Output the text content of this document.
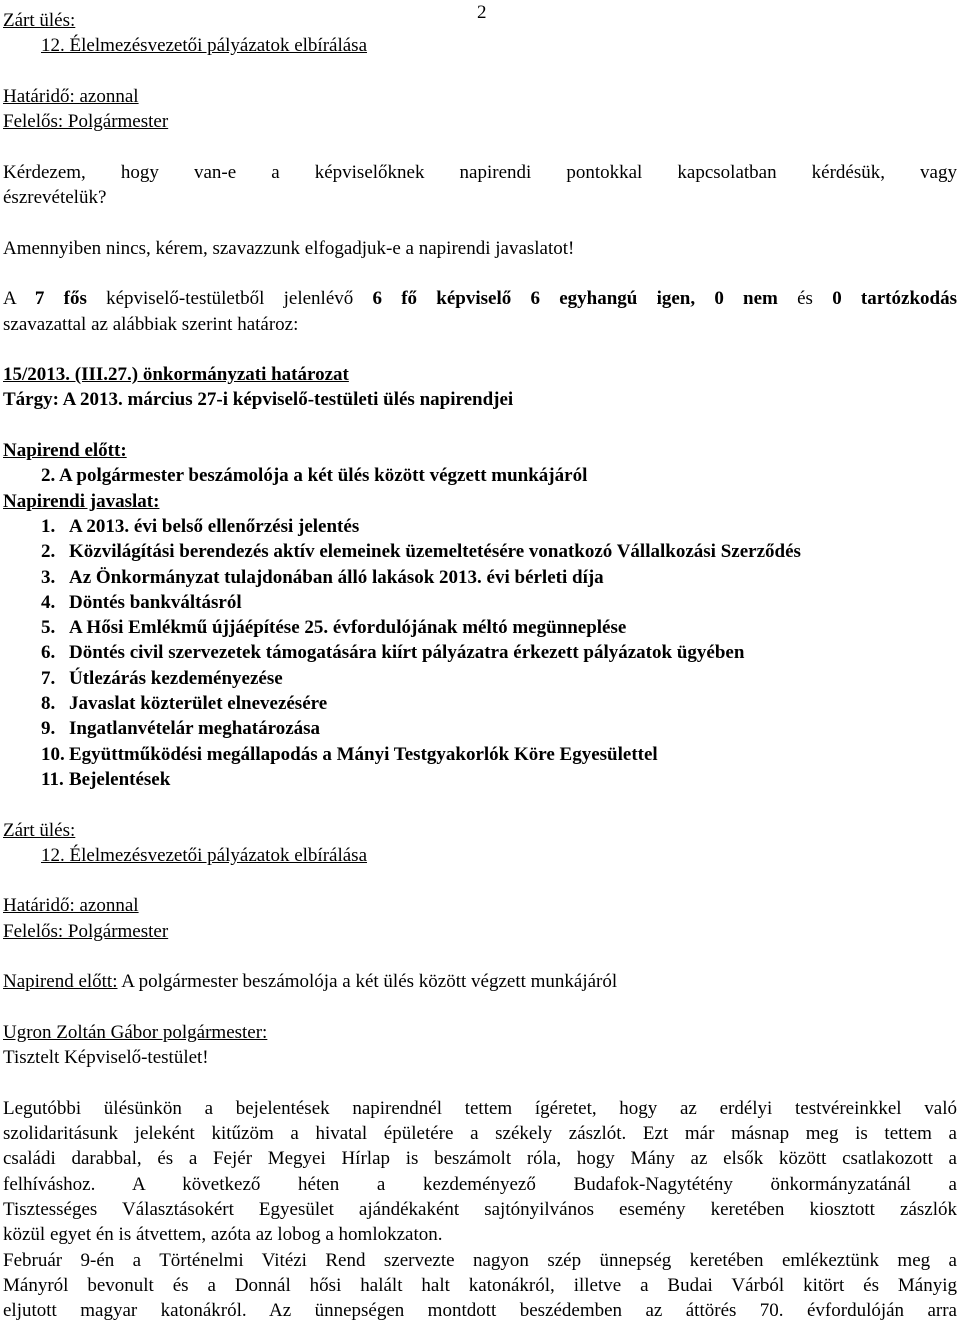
2

Zárt ülés:

12. Élelmezésvezetői pályázatok elbírálása

Határidő: azonnal

Felelős: Polgármester

Kérdezem, hogy van-e a képviselőknek napirendi pontokkal kapcsolatban kérdésük, vagy

észrevételük?

Amennyiben nincs, kérem, szavazzunk elfogadjuk-e a napirendi javaslatot!

A 7 fős képviselő-testületből jelenlévő 6 fő képviselő 6 egyhangú igen, 0 nem és 0 tartózkodás

szavazattal az alábbiak szerint határoz:

15/2013. (III.27.) önkormányzati határozat

Tárgy: A 2013. március 27-i képviselő-testületi ülés napirendjei

Napirend előtt:

2. A polgármester beszámolója a két ülés között végzett munkájáról

Napirendi javaslat:

1. A 2013. évi belső ellenőrzési jelentés
2. Közvilágítási berendezés aktív elemeinek üzemeltetésére vonatkozó Vállalkozási Szerződés
3. Az Önkormányzat tulajdonában álló lakások 2013. évi bérleti díja
4. Döntés bankváltásról
5. A Hősi Emlékmű újjáépítése 25. évfordulójának méltó megünneplése
6. Döntés civil szervezetek támogatására kiírt pályázatra érkezett pályázatok ügyében
7. Útlezárás kezdeményezése
8. Javaslat közterület elnevezésére
9. Ingatlanvételár meghatározása
10. Együttműködési megállapodás a Mányi Testgyakorlók Köre Egyesülettel
11. Bejelentések

Zárt ülés:

12. Élelmezésvezetői pályázatok elbírálása

Határidő: azonnal

Felelős: Polgármester

Napirend előtt: A polgármester beszámolója a két ülés között végzett munkájáról

Ugron Zoltán Gábor polgármester:

Tisztelt Képviselő-testület!

Legutóbbi ülésünkön a bejelentések napirendnél tettem ígéretet, hogy az erdélyi testvéreinkkel való

szolidaritásunk jeleként kitűzöm a hivatal épületére a székely zászlót. Ezt már másnap meg is tettem a

családi darabbal, és a Fejér Megyei Hírlap is beszámolt róla, hogy Mány az elsők között csatlakozott a

felhíváshoz. A következő héten a kezdeményező Budafok-Nagytétény önkormányzatánál a

Tisztességes Választásokért Egyesület ajándékaként sajtónyilvános esemény keretében kiosztott zászlók

közül egyet én is átvettem, azóta az lobog a homlokzaton.

Február 9-én a Történelmi Vitézi Rend szervezte nagyon szép ünnepség keretében emlékeztünk meg a

Mányról bevonult és a Donnál hősi halált halt katonákról, illetve a Budai Várból kitört és Mányig

eljutott magyar katonákról. Az ünnepségen montdott beszédemben az áttörés 70. évfordulóján arra
